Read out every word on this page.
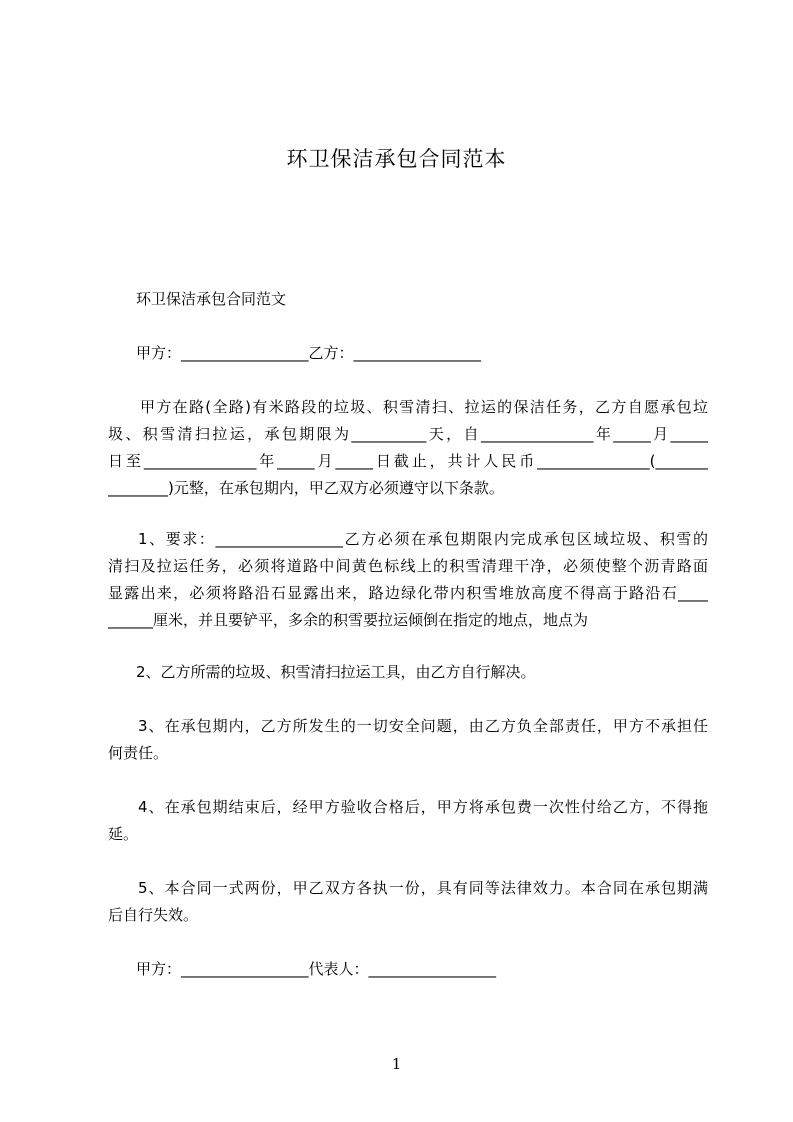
环卫保洁承包合同范本
环卫保洁承包合同范文
甲方：_________________乙方：_________________
甲方在路(全路)有米路段的垃圾、积雪清扫、拉运的保洁任务，乙方自愿承包垃
圾、积雪清扫拉运，承包期限为__________天，自_______________年_____月_____
日至_______________年_____月_____日截止，共计人民币_______________(_______
________)元整，在承包期内，甲乙双方必须遵守以下条款。
1、要求：_________________乙方必须在承包期限内完成承包区域垃圾、积雪的
清扫及拉运任务，必须将道路中间黄色标线上的积雪清理干净，必须使整个沥青路面
显露出来，必须将路沿石显露出来，路边绿化带内积雪堆放高度不得高于路沿石____
______厘米，并且要铲平，多余的积雪要拉运倾倒在指定的地点，地点为
2、乙方所需的垃圾、积雪清扫拉运工具，由乙方自行解决。
3、在承包期内，乙方所发生的一切安全问题，由乙方负全部责任，甲方不承担任
何责任。
4、在承包期结束后，经甲方验收合格后，甲方将承包费一次性付给乙方，不得拖
延。
5、本合同一式两份，甲乙双方各执一份，具有同等法律效力。本合同在承包期满
后自行失效。
甲方：_________________代表人：_________________
1
